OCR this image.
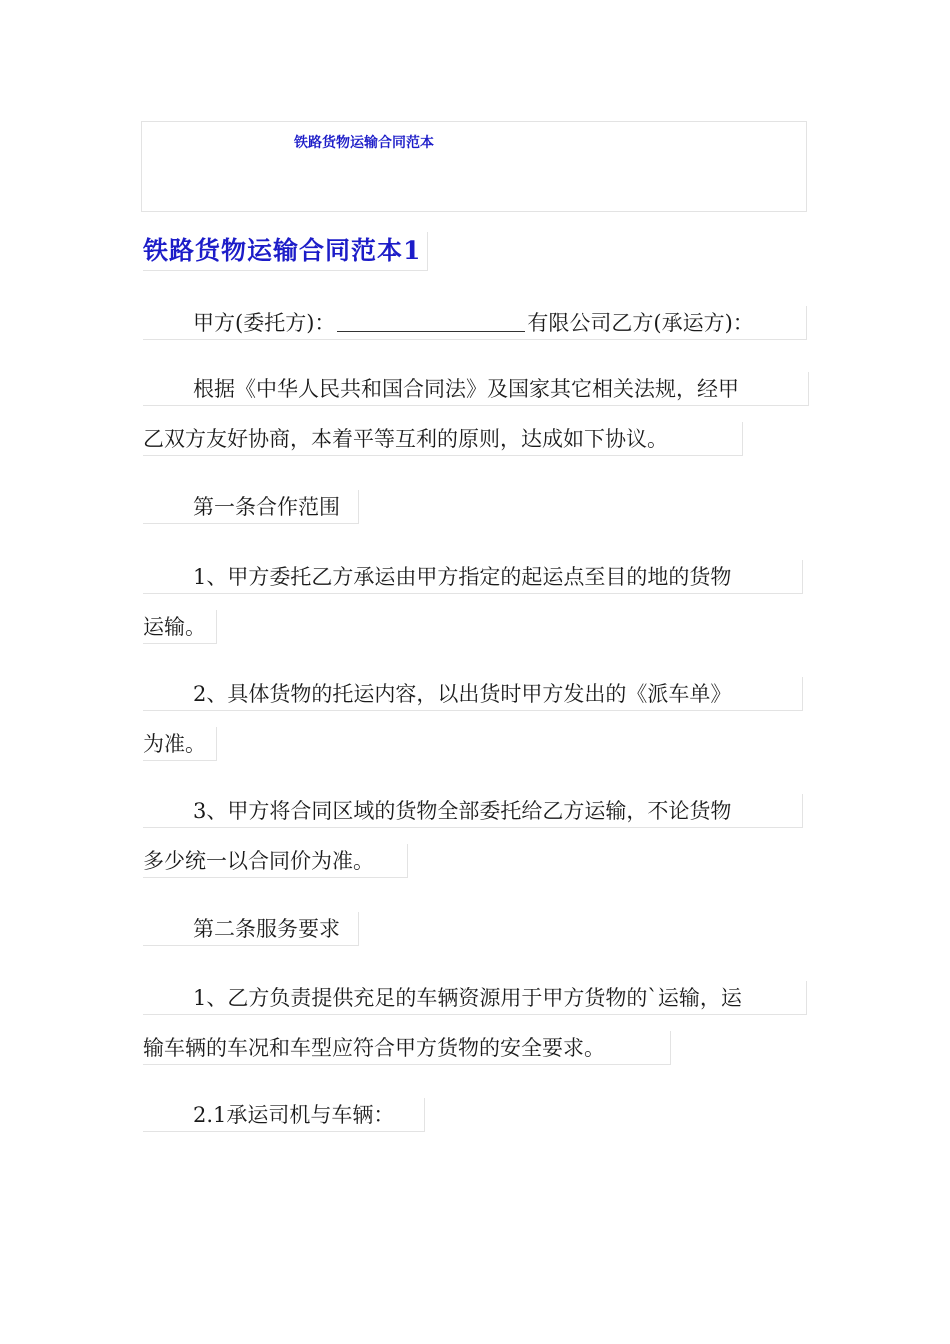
铁路货物运输合同范本
铁路货物运输合同范本1
甲方(委托方)：	有限公司乙方(承运方)：
根据《中华人民共和国合同法》及国家其它相关法规，经甲
乙双方友好协商，本着平等互利的原则，达成如下协议。
第一条合作范围
1、甲方委托乙方承运由甲方指定的起运点至目的地的货物
运输。
2、具体货物的托运内容，以出货时甲方发出的《派车单》
为准。
3、甲方将合同区域的货物全部委托给乙方运输，不论货物
多少统一以合同价为准。
第二条服务要求
1、乙方负责提供充足的车辆资源用于甲方货物的`运输，运
输车辆的车况和车型应符合甲方货物的安全要求。
2.1承运司机与车辆：
